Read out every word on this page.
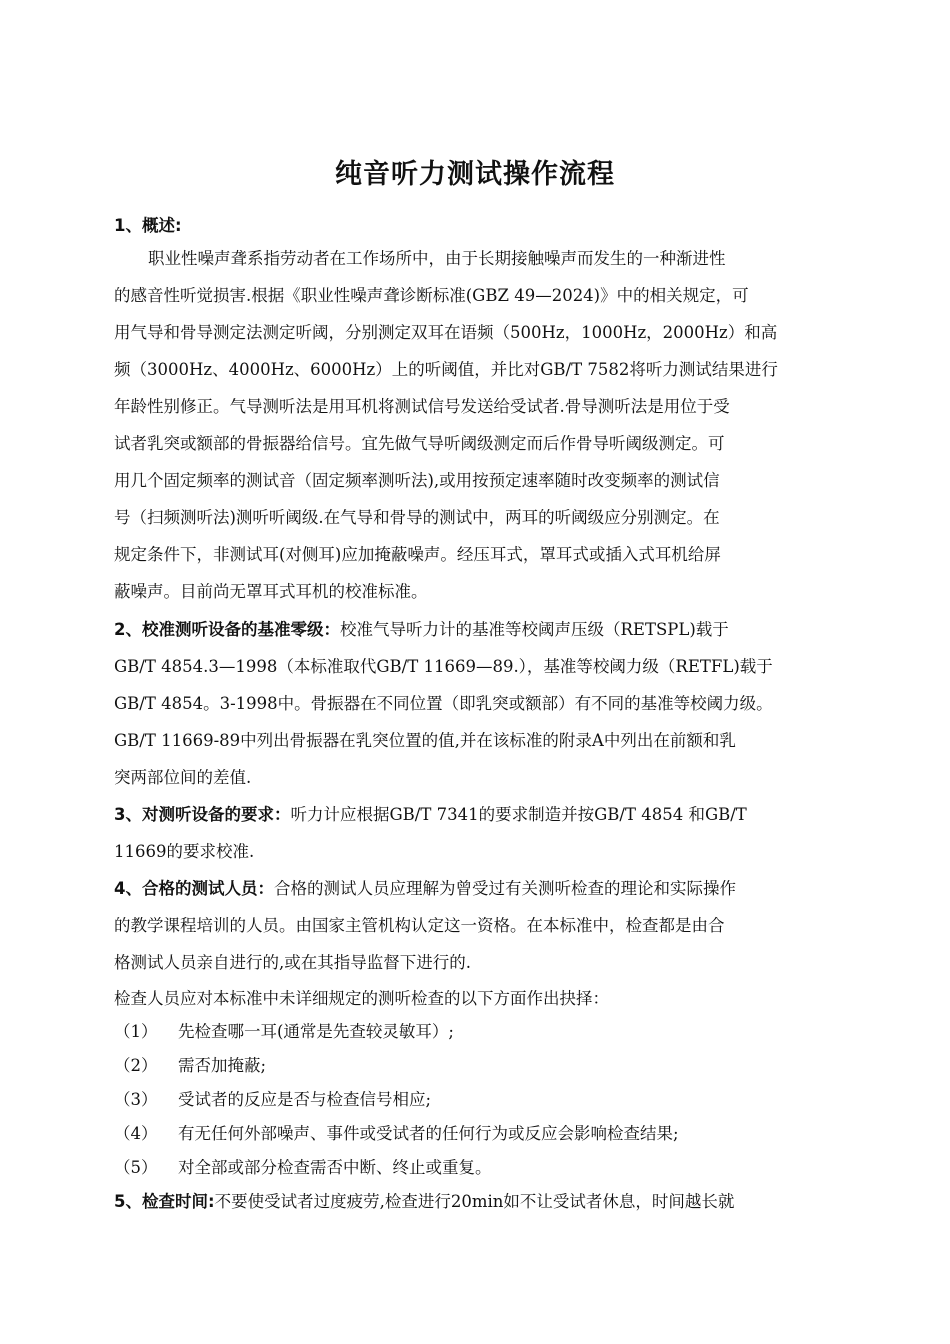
纯音听力测试操作流程
1、概述:
职业性噪声聋系指劳动者在工作场所中，由于长期接触噪声而发生的一种渐进性
的感音性听觉损害.根据《职业性噪声聋诊断标准(GBZ 49—2024)》中的相关规定，可
用气导和骨导测定法测定听阈，分别测定双耳在语频（500Hz，1000Hz，2000Hz）和高
频（3000Hz、4000Hz、6000Hz）上的听阈值，并比对GB/T 7582将听力测试结果进行
年龄性别修正。气导测听法是用耳机将测试信号发送给受试者.骨导测听法是用位于受
试者乳突或额部的骨振器给信号。宜先做气导听阈级测定而后作骨导听阈级测定。可
用几个固定频率的测试音（固定频率测听法),或用按预定速率随时改变频率的测试信
号（扫频测听法)测听听阈级.在气导和骨导的测试中，两耳的听阈级应分别测定。在
规定条件下，非测试耳(对侧耳)应加掩蔽噪声。经压耳式，罩耳式或插入式耳机给屏
蔽噪声。目前尚无罩耳式耳机的校准标准。
2、校准测听设备的基准零级：校准气导听力计的基准等校阈声压级（RETSPL)载于
GB/T 4854.3—1998（本标准取代GB/T 11669—89.），基准等校阈力级（RETFL)载于
GB/T 4854。3-1998中。骨振器在不同位置（即乳突或额部）有不同的基准等校阈力级。
GB/T 11669-89中列出骨振器在乳突位置的值,并在该标准的附录A中列出在前额和乳
突两部位间的差值.
3、对测听设备的要求：听力计应根据GB/T 7341的要求制造并按GB/T 4854 和GB/T
11669的要求校准.
4、合格的测试人员：合格的测试人员应理解为曾受过有关测听检查的理论和实际操作
的教学课程培训的人员。由国家主管机构认定这一资格。在本标准中，检查都是由合
格测试人员亲自进行的,或在其指导监督下进行的.
检查人员应对本标准中未详细规定的测听检查的以下方面作出抉择：
（1） 先检查哪一耳(通常是先查较灵敏耳）;
（2） 需否加掩蔽;
（3） 受试者的反应是否与检查信号相应;
（4） 有无任何外部噪声、事件或受试者的任何行为或反应会影响检查结果;
（5） 对全部或部分检查需否中断、终止或重复。
5、检查时间:不要使受试者过度疲劳,检查进行20min如不让受试者休息，时间越长就
